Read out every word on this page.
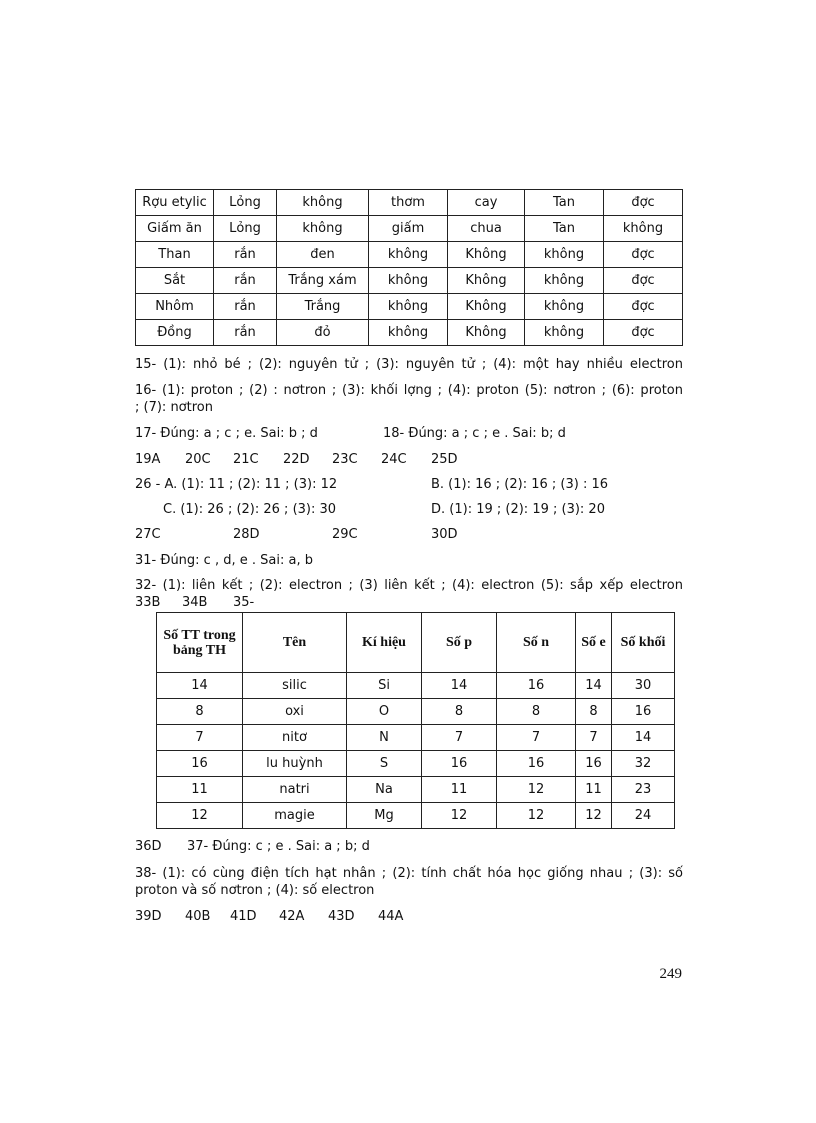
Rợu etylic	Lỏng	không	thơm	cay	Tan	đợc
Giấm ăn	Lỏng	không	giấm	chua	Tan	không
Than	rắn	đen	không	Không	không	đợc
Sắt	rắn	Trắng xám	không	Không	không	đợc
Nhôm	rắn	Trắng	không	Không	không	đợc
Đồng	rắn	đỏ	không	Không	không	đợc
15- (1): nhỏ bé ; (2): nguyên tử ; (3): nguyên tử ; (4): một hay nhiều electron
16- (1): proton ; (2) : nơtron ; (3): khối lợng ; (4): proton (5): nơtron ; (6): proton
; (7): nơtron
17- Đúng: a ; c ; e. Sai: b ; d	18- Đúng: a ; c ; e . Sai: b; d
19A 20C 21C 22D 23C 24C 25D
26 - A. (1): 11 ; (2): 11 ; (3): 12	B. (1): 16 ; (2): 16 ; (3) : 16
C. (1): 26 ; (2): 26 ; (3): 30	D. (1): 19 ; (2): 19 ; (3): 20
27C	28D	29C	30D
31- Đúng: c , d, e . Sai: a, b
32- (1): liên kết ; (2): electron ; (3) liên kết ; (4): electron (5): sắp xếp electron
33B 34B 35-
Số TT trong bảng TH	Tên	Kí hiệu	Số p	Số n	Số e	Số khối
14	silic	Si	14	16	14	30
8	oxi	O	8	8	8	16
7	nitơ	N	7	7	7	14
16	lu huỳnh	S	16	16	16	32
11	natri	Na	11	12	11	23
12	magie	Mg	12	12	12	24
36D 37- Đúng: c ; e . Sai: a ; b; d
38- (1): có cùng điện tích hạt nhân ; (2): tính chất hóa học giống nhau ; (3): số
proton và số nơtron ; (4): số electron
39D 40B 41D 42A 43D 44A
249
